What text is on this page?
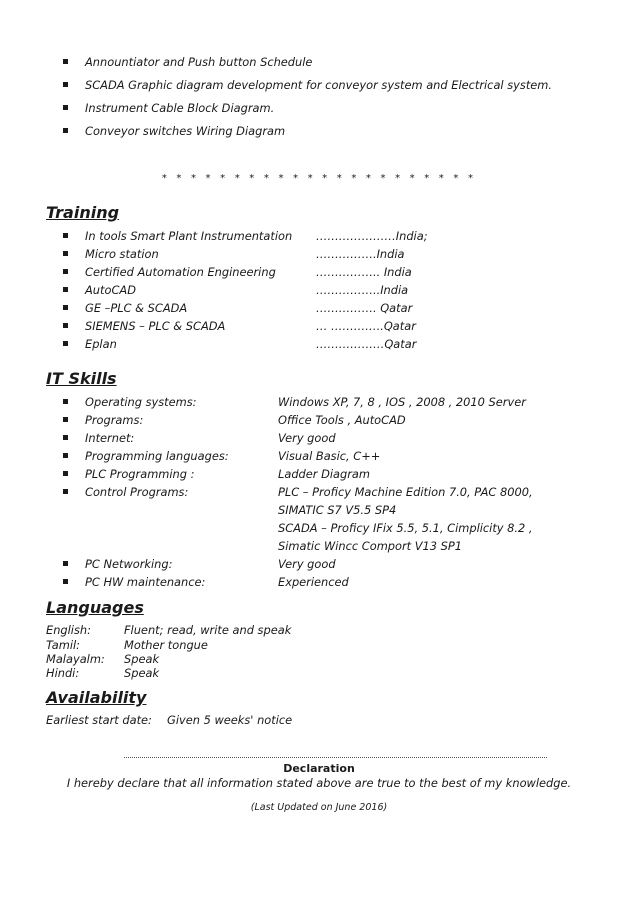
Annountiator and Push button Schedule
SCADA Graphic diagram development for conveyor system and Electrical system.
Instrument Cable Block Diagram.
Conveyor switches Wiring Diagram
* * * * * * * * * * * * * * * * * * * * * *
Training
In tools Smart Plant Instrumentation …………………India;
Micro station	…………….India
Certified Automation Engineering	…………….. India
AutoCAD	……………..India
GE –PLC & SCADA	……………. Qatar
SIEMENS – PLC & SCADA	… …………..Qatar
Eplan	………………Qatar
IT Skills
Operating systems:	Windows XP, 7, 8 , IOS , 2008 , 2010 Server
Programs:	Office Tools , AutoCAD
Internet:	Very good
Programming languages:	Visual Basic, C++
PLC Programming :	Ladder Diagram
Control Programs:	PLC – Proficy Machine Edition 7.0, PAC 8000,
SIMATIC S7 V5.5 SP4
SCADA – Proficy IFix 5.5, 5.1, Cimplicity 8.2 ,
Simatic Wincc Comport V13 SP1
PC Networking:	Very good
PC HW maintenance:	Experienced
Languages
English:	Fluent; read, write and speak
Tamil:	Mother tongue
Malayalm: Speak
Hindi:	Speak
Availability
Earliest start date: Given 5 weeks' notice
Declaration
I hereby declare that all information stated above are true to the best of my knowledge.
(Last Updated on June 2016)
